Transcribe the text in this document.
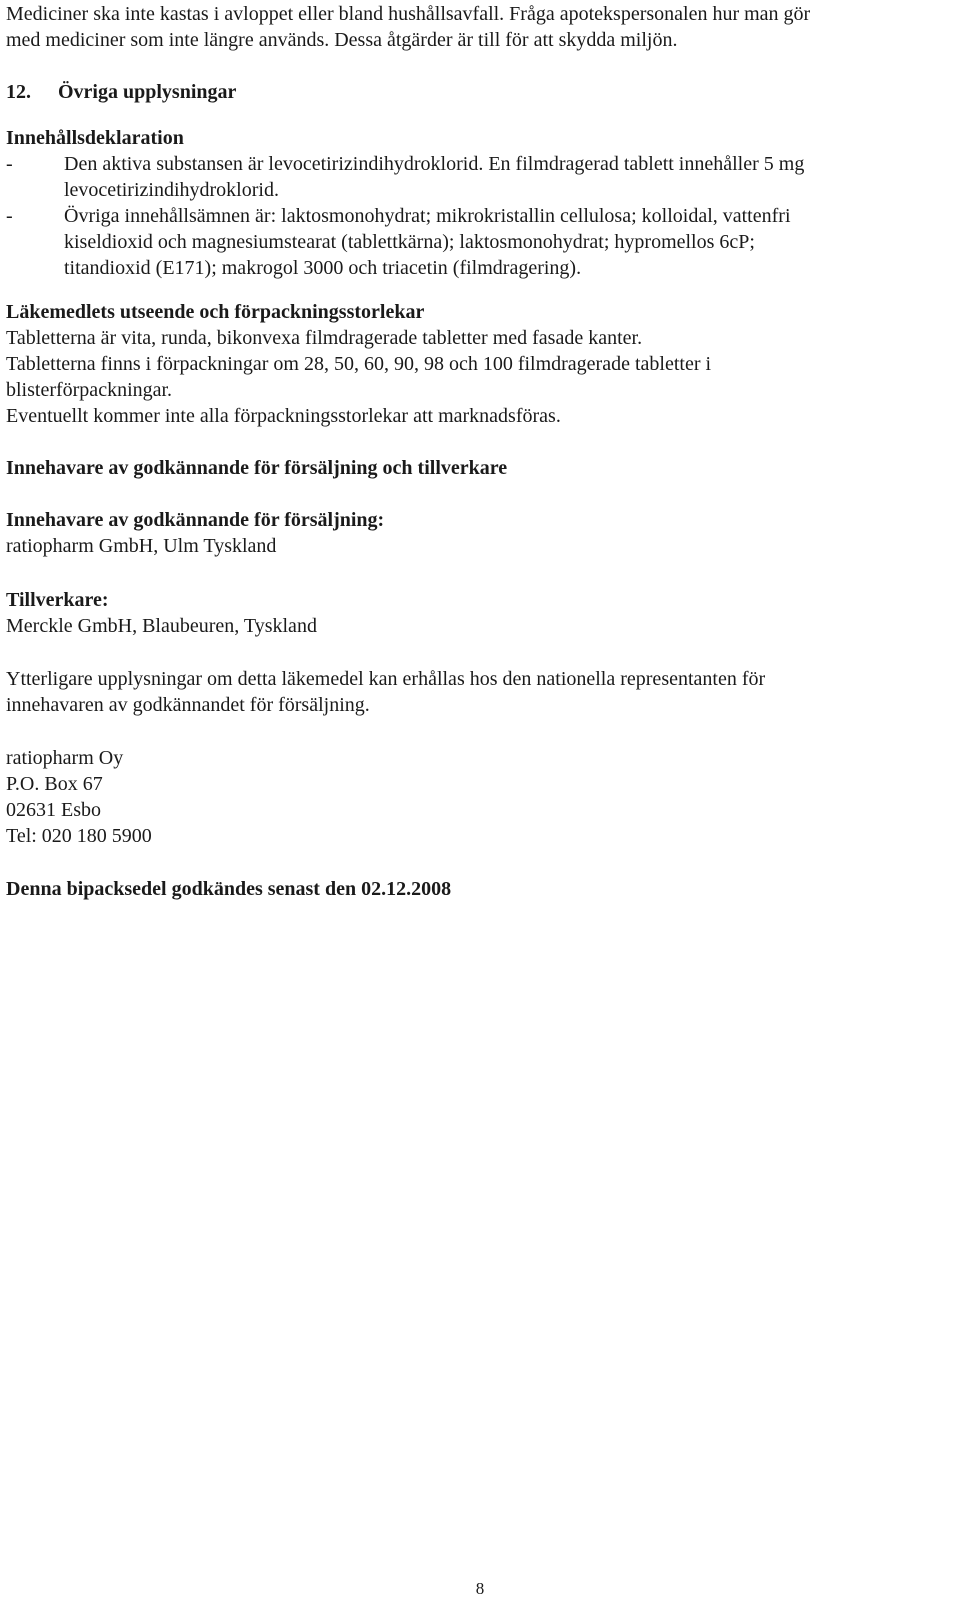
Mediciner ska inte kastas i avloppet eller bland hushållsavfall. Fråga apotekspersonalen hur man gör

med mediciner som inte längre används. Dessa åtgärder är till för att skydda miljön.

12.	Övriga upplysningar

Innehållsdeklaration

-	Den aktiva substansen är levocetirizindihydroklorid. En filmdragerad tablett innehåller 5 mg

levocetirizindihydroklorid.

-	Övriga innehållsämnen är: laktosmonohydrat; mikrokristallin cellulosa; kolloidal, vattenfri

kiseldioxid och magnesiumstearat (tablettkärna); laktosmonohydrat; hypromellos 6cP;

titandioxid (E171); makrogol 3000 och triacetin (filmdragering).

Läkemedlets utseende och förpackningsstorlekar

Tabletterna är vita, runda, bikonvexa filmdragerade tabletter med fasade kanter.

Tabletterna finns i förpackningar om 28, 50, 60, 90, 98 och 100 filmdragerade tabletter i

blisterförpackningar.

Eventuellt kommer inte alla förpackningsstorlekar att marknadsföras.

Innehavare av godkännande för försäljning och tillverkare

Innehavare av godkännande för försäljning:

ratiopharm GmbH, Ulm Tyskland

Tillverkare:

Merckle GmbH, Blaubeuren, Tyskland

Ytterligare upplysningar om detta läkemedel kan erhållas hos den nationella representanten för

innehavaren av godkännandet för försäljning.

ratiopharm Oy

P.O. Box 67

02631 Esbo

Tel: 020 180 5900

Denna bipacksedel godkändes senast den 02.12.2008

8
